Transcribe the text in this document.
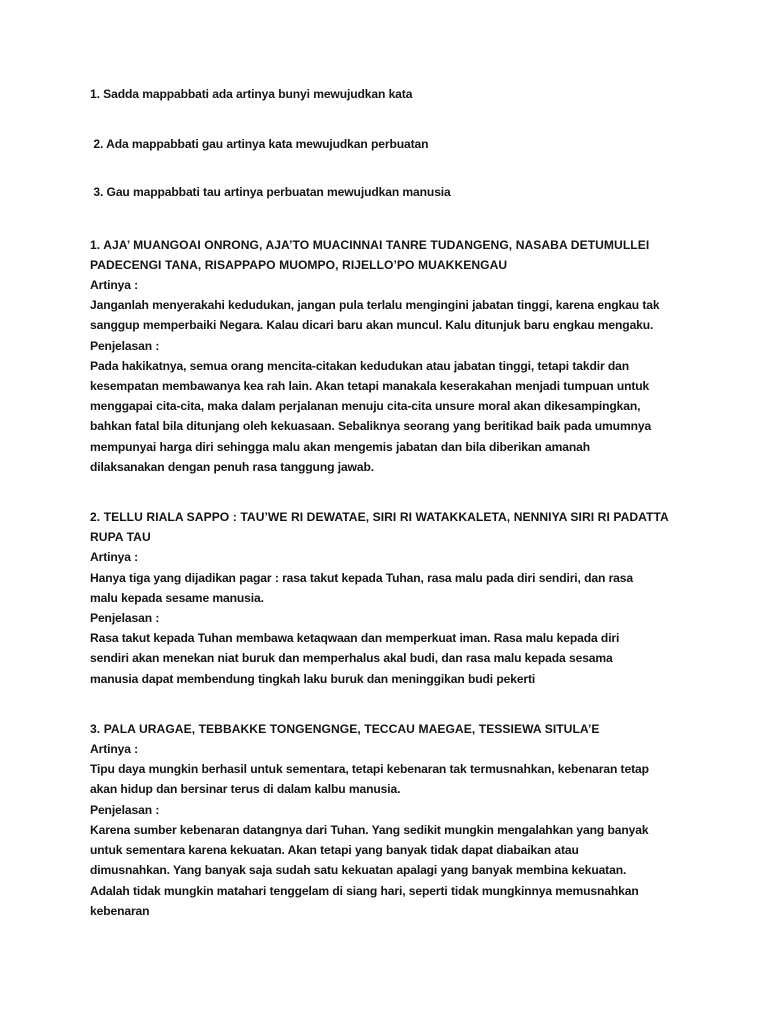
1. Sadda mappabbati ada artinya bunyi mewujudkan kata

2. Ada mappabbati gau artinya kata mewujudkan perbuatan

3. Gau mappabbati tau artinya perbuatan mewujudkan manusia

1. AJA’ MUANGOAI ONRONG, AJA’TO MUACINNAI TANRE TUDANGENG, NASABA DETUMULLEI

PADECENGI TANA, RISAPPAPO MUOMPO, RIJELLO’PO MUAKKENGAU

Artinya :

Janganlah menyerakahi kedudukan, jangan pula terlalu mengingini jabatan tinggi, karena engkau tak

sanggup memperbaiki Negara. Kalau dicari baru akan muncul. Kalu ditunjuk baru engkau mengaku.

Penjelasan :

Pada hakikatnya, semua orang mencita-citakan kedudukan atau jabatan tinggi, tetapi takdir dan

kesempatan membawanya kea rah lain. Akan tetapi manakala keserakahan menjadi tumpuan untuk

menggapai cita-cita, maka dalam perjalanan menuju cita-cita unsure moral akan dikesampingkan,

bahkan fatal bila ditunjang oleh kekuasaan. Sebaliknya seorang yang beritikad baik pada umumnya

mempunyai harga diri sehingga malu akan mengemis jabatan dan bila diberikan amanah

dilaksanakan dengan penuh rasa tanggung jawab.

2. TELLU RIALA SAPPO : TAU’WE RI DEWATAE, SIRI RI WATAKKALETA, NENNIYA SIRI RI PADATTA

RUPA TAU

Artinya :

Hanya tiga yang dijadikan pagar : rasa takut kepada Tuhan, rasa malu pada diri sendiri, dan rasa

malu kepada sesame manusia.

Penjelasan :

Rasa takut kepada Tuhan membawa ketaqwaan dan memperkuat iman. Rasa malu kepada diri

sendiri akan menekan niat buruk dan memperhalus akal budi, dan rasa malu kepada sesama

manusia dapat membendung tingkah laku buruk dan meninggikan budi pekerti

3. PALA URAGAE, TEBBAKKE TONGENGNGE, TECCAU MAEGAE, TESSIEWA SITULA’E

Artinya :

Tipu daya mungkin berhasil untuk sementara, tetapi kebenaran tak termusnahkan, kebenaran tetap

akan hidup dan bersinar terus di dalam kalbu manusia.

Penjelasan :

Karena sumber kebenaran datangnya dari Tuhan. Yang sedikit mungkin mengalahkan yang banyak

untuk sementara karena kekuatan. Akan tetapi yang banyak tidak dapat diabaikan atau

dimusnahkan. Yang banyak saja sudah satu kekuatan apalagi yang banyak membina kekuatan.

Adalah tidak mungkin matahari tenggelam di siang hari, seperti tidak mungkinnya memusnahkan

kebenaran
